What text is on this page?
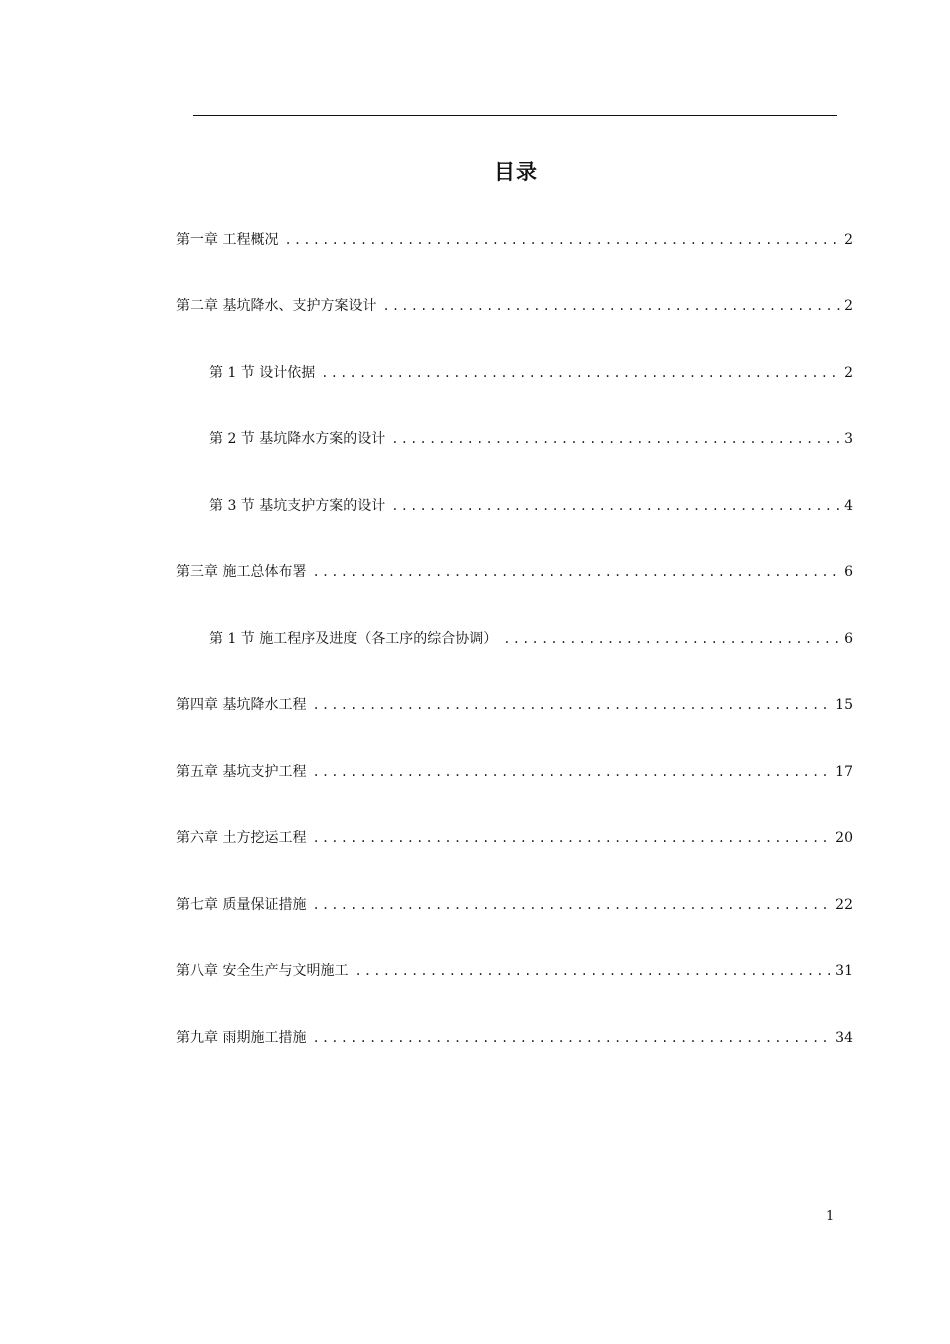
目录
第一章 工程概况 .....	2
第二章 基坑降水、支护方案设计 .....	2
第 1 节 设计依据 .....	2
第 2 节 基坑降水方案的设计 .....	3
第 3 节 基坑支护方案的设计 .....	4
第三章 施工总体布署 .....	6
第 1 节 施工程序及进度（各工序的综合协调） .....	6
第四章 基坑降水工程 .....	15
第五章 基坑支护工程 .....	17
第六章 土方挖运工程 .....	20
第七章 质量保证措施 .....	22
第八章 安全生产与文明施工 .....	31
第九章 雨期施工措施 .....	34
1
